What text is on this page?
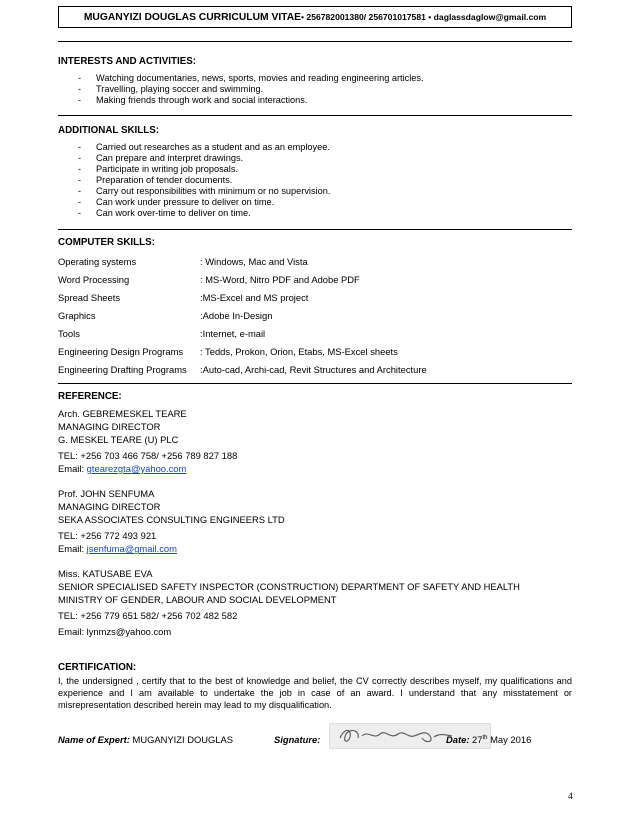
MUGANYIZI DOUGLAS CURRICULUM VITAE • 256782001380/ 256701017581 • daglassdaglow@gmail.com

INTERESTS AND ACTIVITIES:

- Watching documentaries, news, sports, movies and reading engineering articles.
- Travelling, playing soccer and swimming.
- Making friends through work and social interactions.

ADDITIONAL SKILLS:

- Carried out researches as a student and as an employee.
- Can prepare and interpret drawings.
- Participate in writing job proposals.
- Preparation of tender documents.
- Carry out responsibilities with minimum or no supervision.
- Can work under pressure to deliver on time.
- Can work over-time to deliver on time.

COMPUTER SKILLS:

Operating systems	: Windows, Mac and Vista
Word Processing	: MS-Word, Nitro PDF and Adobe PDF
Spread Sheets	:MS-Excel and MS project
Graphics	:Adobe In-Design
Tools	:Internet, e-mail
Engineering Design Programs	: Tedds, Prokon, Orion, Etabs, MS-Excel sheets
Engineering Drafting Programs	:Auto-cad, Archi-cad, Revit Structures and Architecture

REFERENCE:

Arch. GEBREMESKEL TEARE
MANAGING DIRECTOR
G. MESKEL TEARE (U) PLC
TEL: +256 703 466 758/ +256 789 827 188
Email: gtearezgta@yahoo.com
Prof. JOHN SENFUMA
MANAGING DIRECTOR
SEKA ASSOCIATES CONSULTING ENGINEERS LTD
TEL: +256 772 493 921
Email: jsenfuma@gmail.com
Miss. KATUSABE EVA
SENIOR SPECIALISED SAFETY INSPECTOR (CONSTRUCTION) DEPARTMENT OF SAFETY AND HEALTH
MINISTRY OF GENDER, LABOUR AND SOCIAL DEVELOPMENT
TEL: +256 779 651 582/ +256 702 482 582
Email: lynmzs@yahoo.com

CERTIFICATION:

I, the undersigned , certify that to the best of knowledge and belief, the CV correctly describes myself, my qualifications and experience and I am available to undertake the job in case of an award. I understand that any misstatement or misrepresentation described herein may lead to my disqualification.
Name of Expert: MUGANYIZI DOUGLAS	Signature:	Date: 27th May 2016
4
